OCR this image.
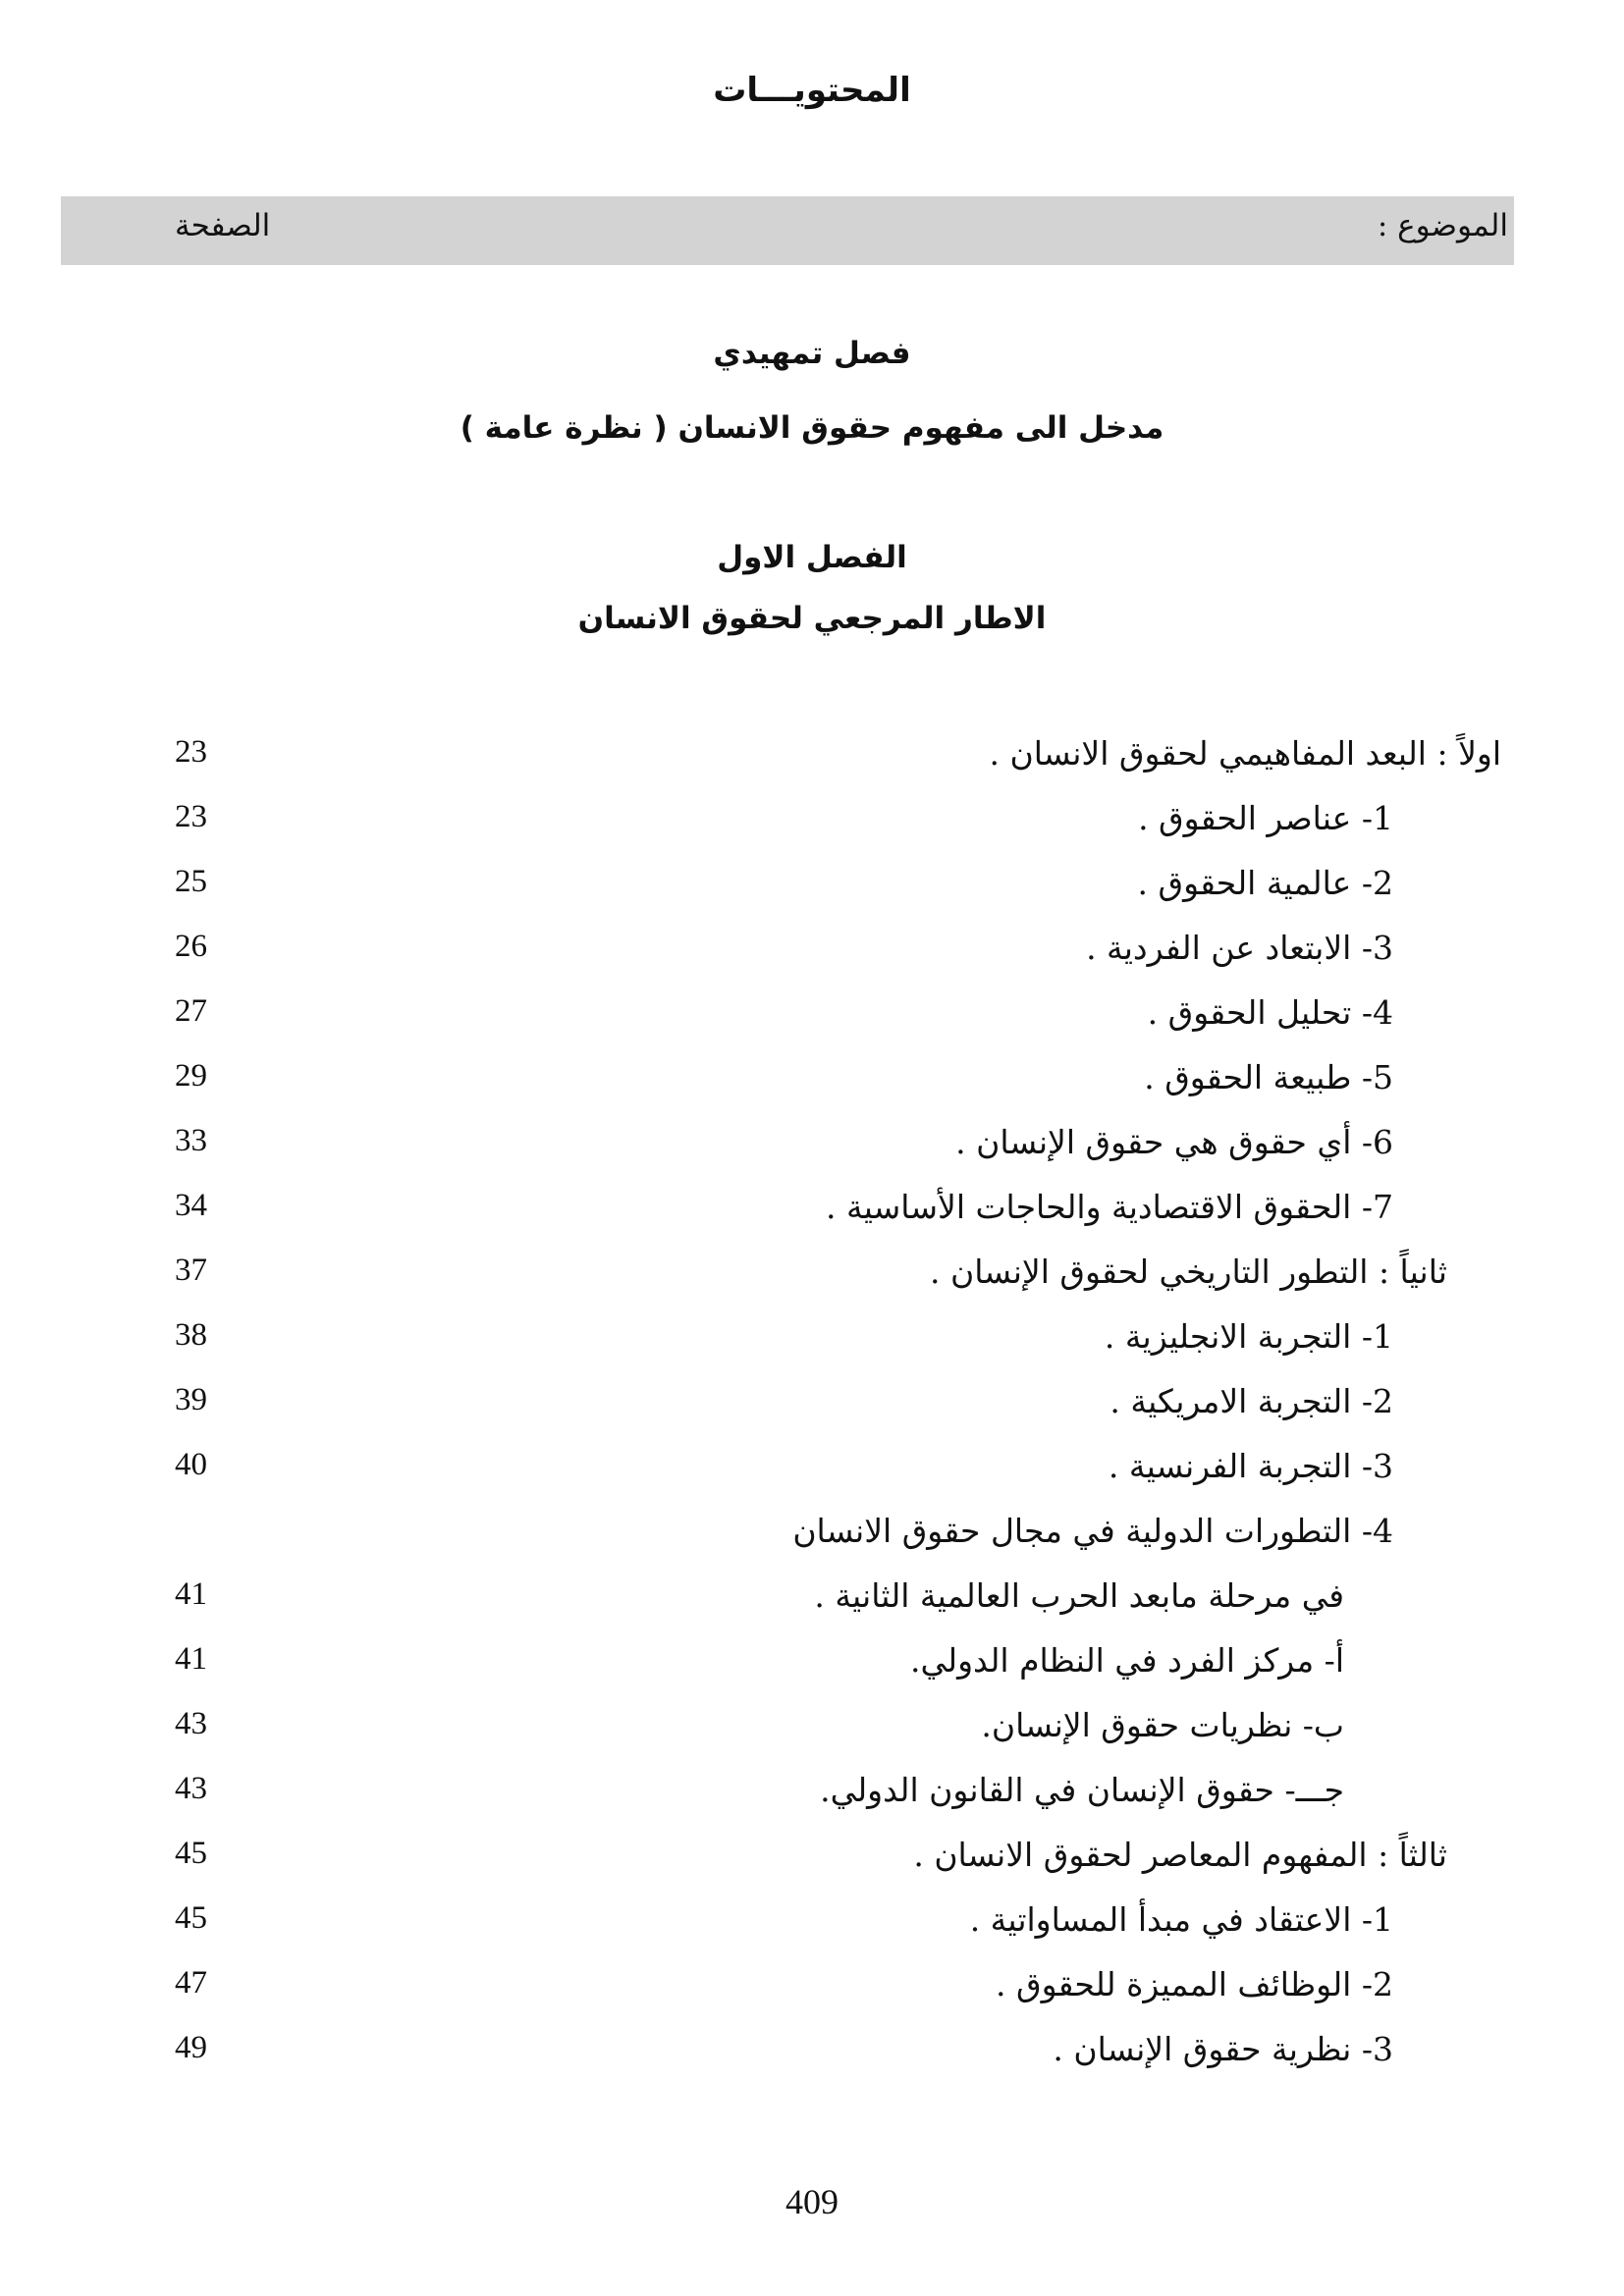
المحتويـــات
الموضوع :
الصفحة
فصل تمهيدي
مدخل الى مفهوم حقوق الانسان ( نظرة عامة )
الفصل الاول
الاطار المرجعي لحقوق الانسان
اولاً : البعد المفاهيمي لحقوق الانسان .
23
1- عناصر الحقوق .
23
2- عالمية الحقوق .
25
3- الابتعاد عن الفردية .
26
4- تحليل الحقوق .
27
5- طبيعة الحقوق .
29
6- أي حقوق هي حقوق الإنسان .
33
7- الحقوق الاقتصادية والحاجات الأساسية .
34
ثانياً : التطور التاريخي لحقوق الإنسان .
37
1- التجربة الانجليزية .
38
2- التجربة الامريكية .
39
3- التجربة الفرنسية .
40
4- التطورات الدولية في مجال حقوق الانسان
في مرحلة مابعد الحرب العالمية الثانية .
41
أ- مركز الفرد في النظام الدولي.
41
ب- نظريات حقوق الإنسان.
43
جـــ- حقوق الإنسان في القانون الدولي.
43
ثالثاً : المفهوم المعاصر لحقوق الانسان .
45
1- الاعتقاد في مبدأ المساواتية .
45
2- الوظائف المميزة للحقوق .
47
3- نظرية حقوق الإنسان .
49
409
